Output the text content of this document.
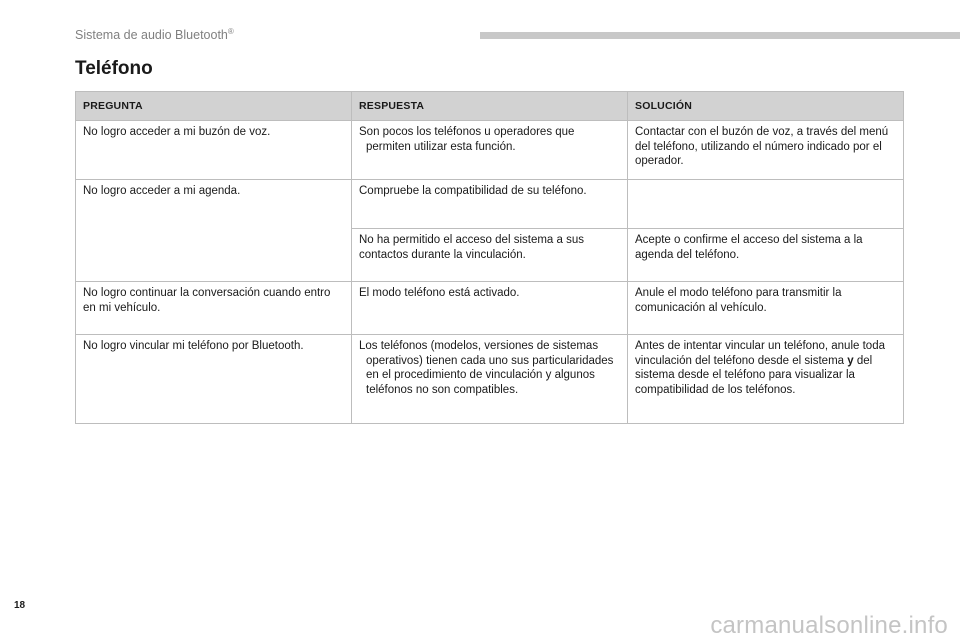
Sistema de audio Bluetooth®
Teléfono
PREGUNTA	RESPUESTA	SOLUCIÓN
No logro acceder a mi buzón de voz.	Son pocos los teléfonos u operadores que permiten utilizar esta función.	Contactar con el buzón de voz, a través del menú del teléfono, utilizando el número indicado por el operador.
No logro acceder a mi agenda.	Compruebe la compatibilidad de su teléfono.	
	No ha permitido el acceso del sistema a sus contactos durante la vinculación.	Acepte o confirme el acceso del sistema a la agenda del teléfono.
No logro continuar la conversación cuando entro en mi vehículo.	El modo teléfono está activado.	Anule el modo teléfono para transmitir la comunicación al vehículo.
No logro vincular mi teléfono por Bluetooth.	Los teléfonos (modelos, versiones de sistemas operativos) tienen cada uno sus particularidades en el procedimiento de vinculación y algunos teléfonos no son compatibles.	Antes de intentar vincular un teléfono, anule toda vinculación del teléfono desde el sistema y del sistema desde el teléfono para visualizar la compatibilidad de los teléfonos.
18
carmanualsonline.info
